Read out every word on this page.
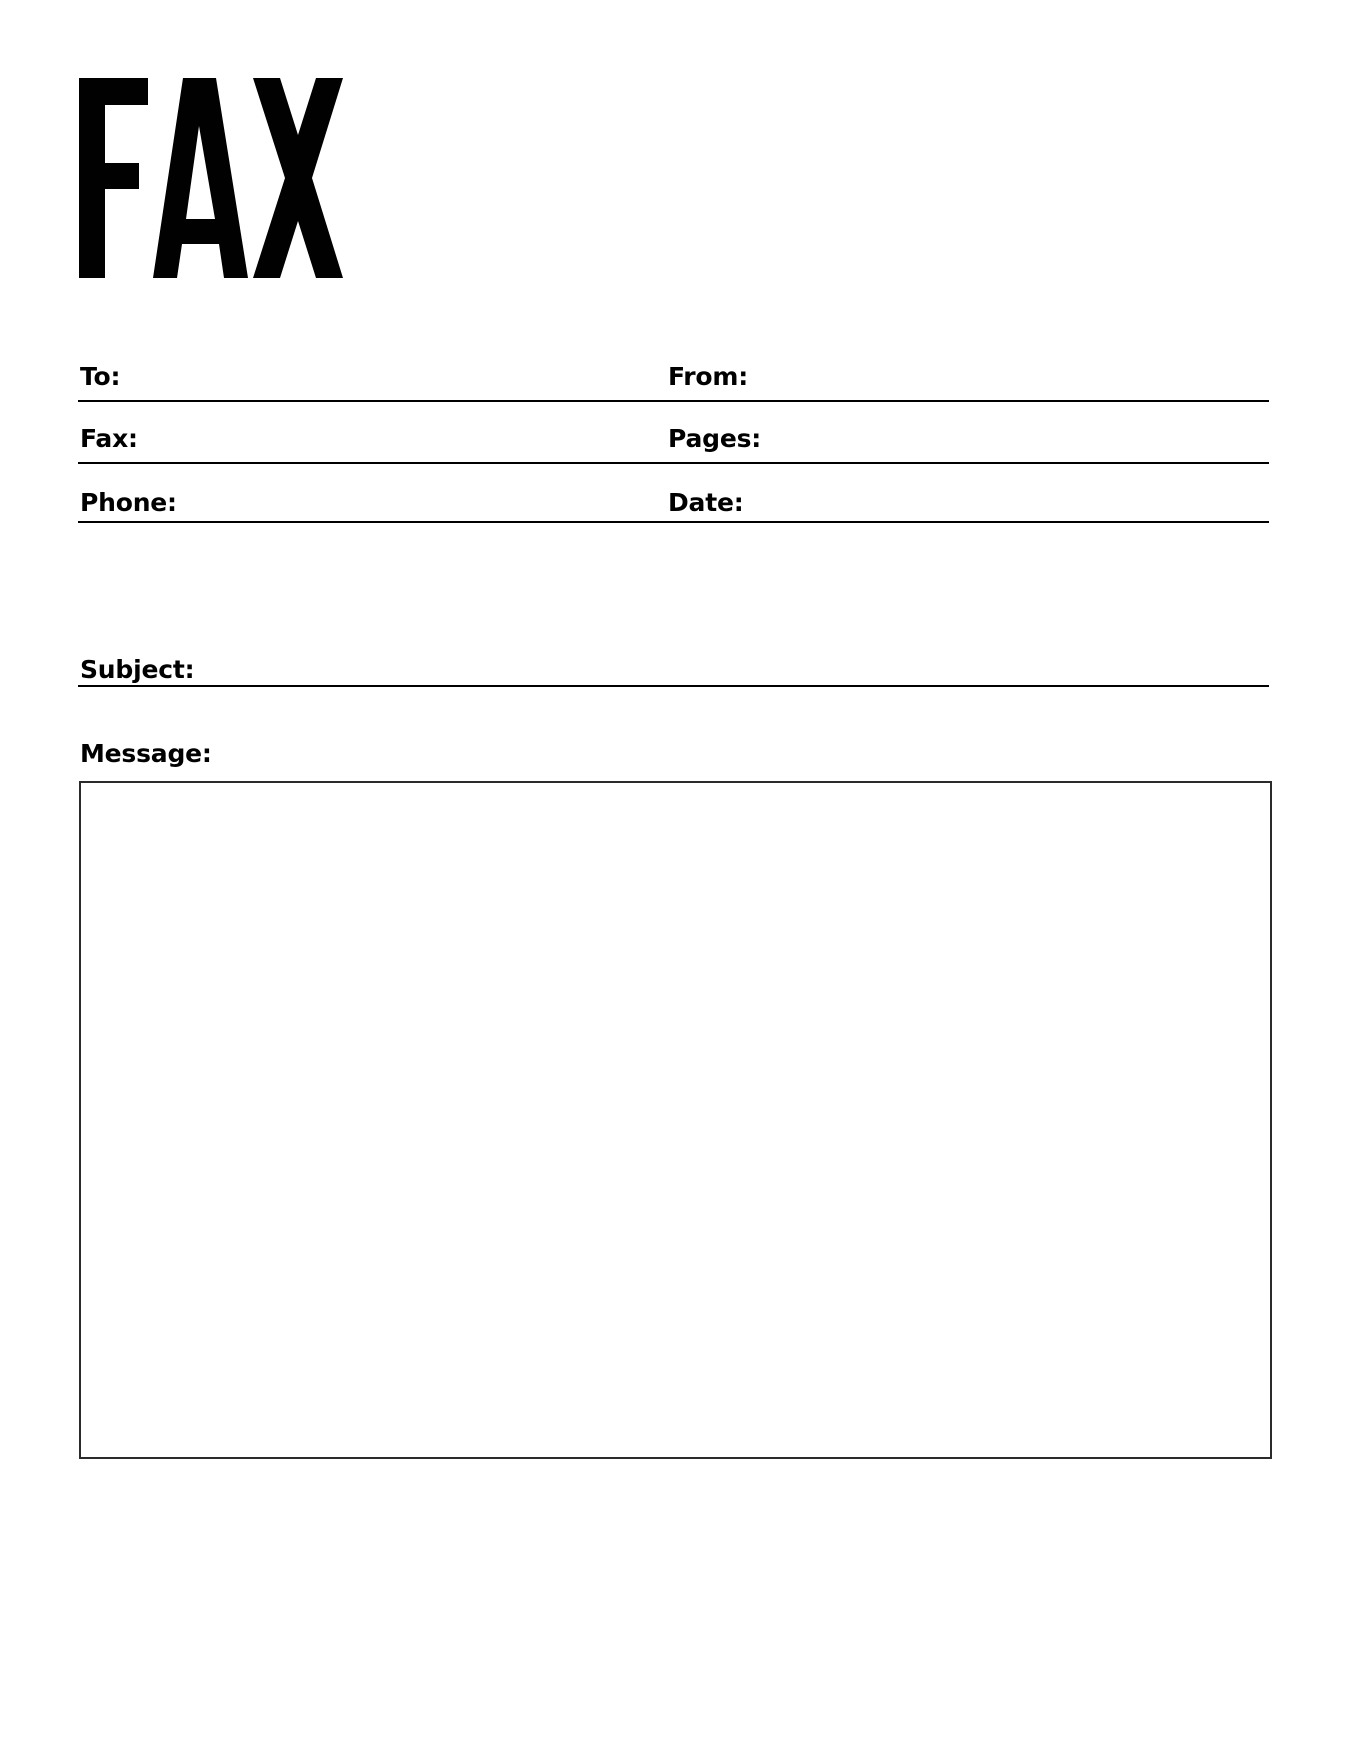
To:	From:
Fax:	Pages:
Phone:	Date:
Subject:
Message:
